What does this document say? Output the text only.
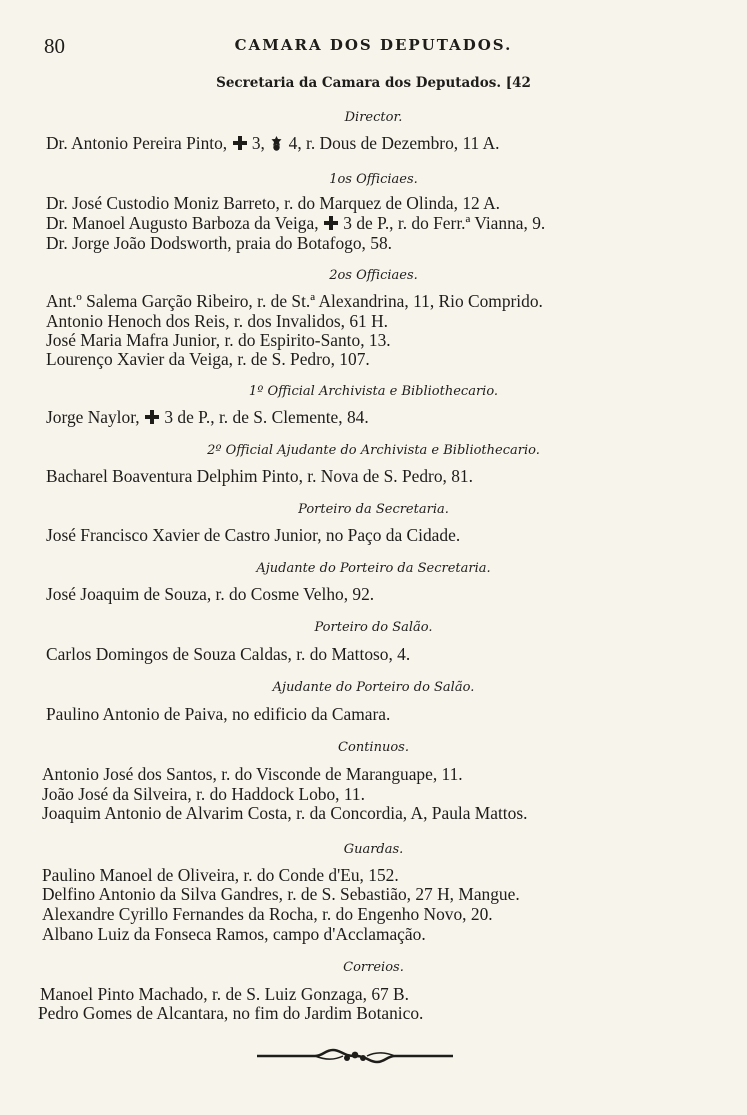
80	CAMARA DOS DEPUTADOS.
Secretaria da Camara dos Deputados. [42
Director.
Dr. Antonio Pereira Pinto, 3, 4, r. Dous de Dezembro, 11 A.
1os Officiaes.
Dr. José Custodio Moniz Barreto, r. do Marquez de Olinda, 12 A.
Dr. Manoel Augusto Barboza da Veiga, 3 de P., r. do Ferr.ª Vianna, 9.
Dr. Jorge João Dodsworth, praia do Botafogo, 58.
2os Officiaes.
Ant.º Salema Garção Ribeiro, r. de St.ª Alexandrina, 11, Rio Comprido.
Antonio Henoch dos Reis, r. dos Invalidos, 61 H.
José Maria Mafra Junior, r. do Espirito-Santo, 13.
Lourenço Xavier da Veiga, r. de S. Pedro, 107.
1º Official Archivista e Bibliothecario.
Jorge Naylor, 3 de P., r. de S. Clemente, 84.
2º Official Ajudante do Archivista e Bibliothecario.
Bacharel Boaventura Delphim Pinto, r. Nova de S. Pedro, 81.
Porteiro da Secretaria.
José Francisco Xavier de Castro Junior, no Paço da Cidade.
Ajudante do Porteiro da Secretaria.
José Joaquim de Souza, r. do Cosme Velho, 92.
Porteiro do Salão.
Carlos Domingos de Souza Caldas, r. do Mattoso, 4.
Ajudante do Porteiro do Salão.
Paulino Antonio de Paiva, no edificio da Camara.
Continuos.
Antonio José dos Santos, r. do Visconde de Maranguape, 11.
João José da Silveira, r. do Haddock Lobo, 11.
Joaquim Antonio de Alvarim Costa, r. da Concordia, A, Paula Mattos.
Guardas.
Paulino Manoel de Oliveira, r. do Conde d'Eu, 152.
Delfino Antonio da Silva Gandres, r. de S. Sebastião, 27 H, Mangue.
Alexandre Cyrillo Fernandes da Rocha, r. do Engenho Novo, 20.
Albano Luiz da Fonseca Ramos, campo d'Acclamação.
Correios.
Manoel Pinto Machado, r. de S. Luiz Gonzaga, 67 B.
Pedro Gomes de Alcantara, no fim do Jardim Botanico.
